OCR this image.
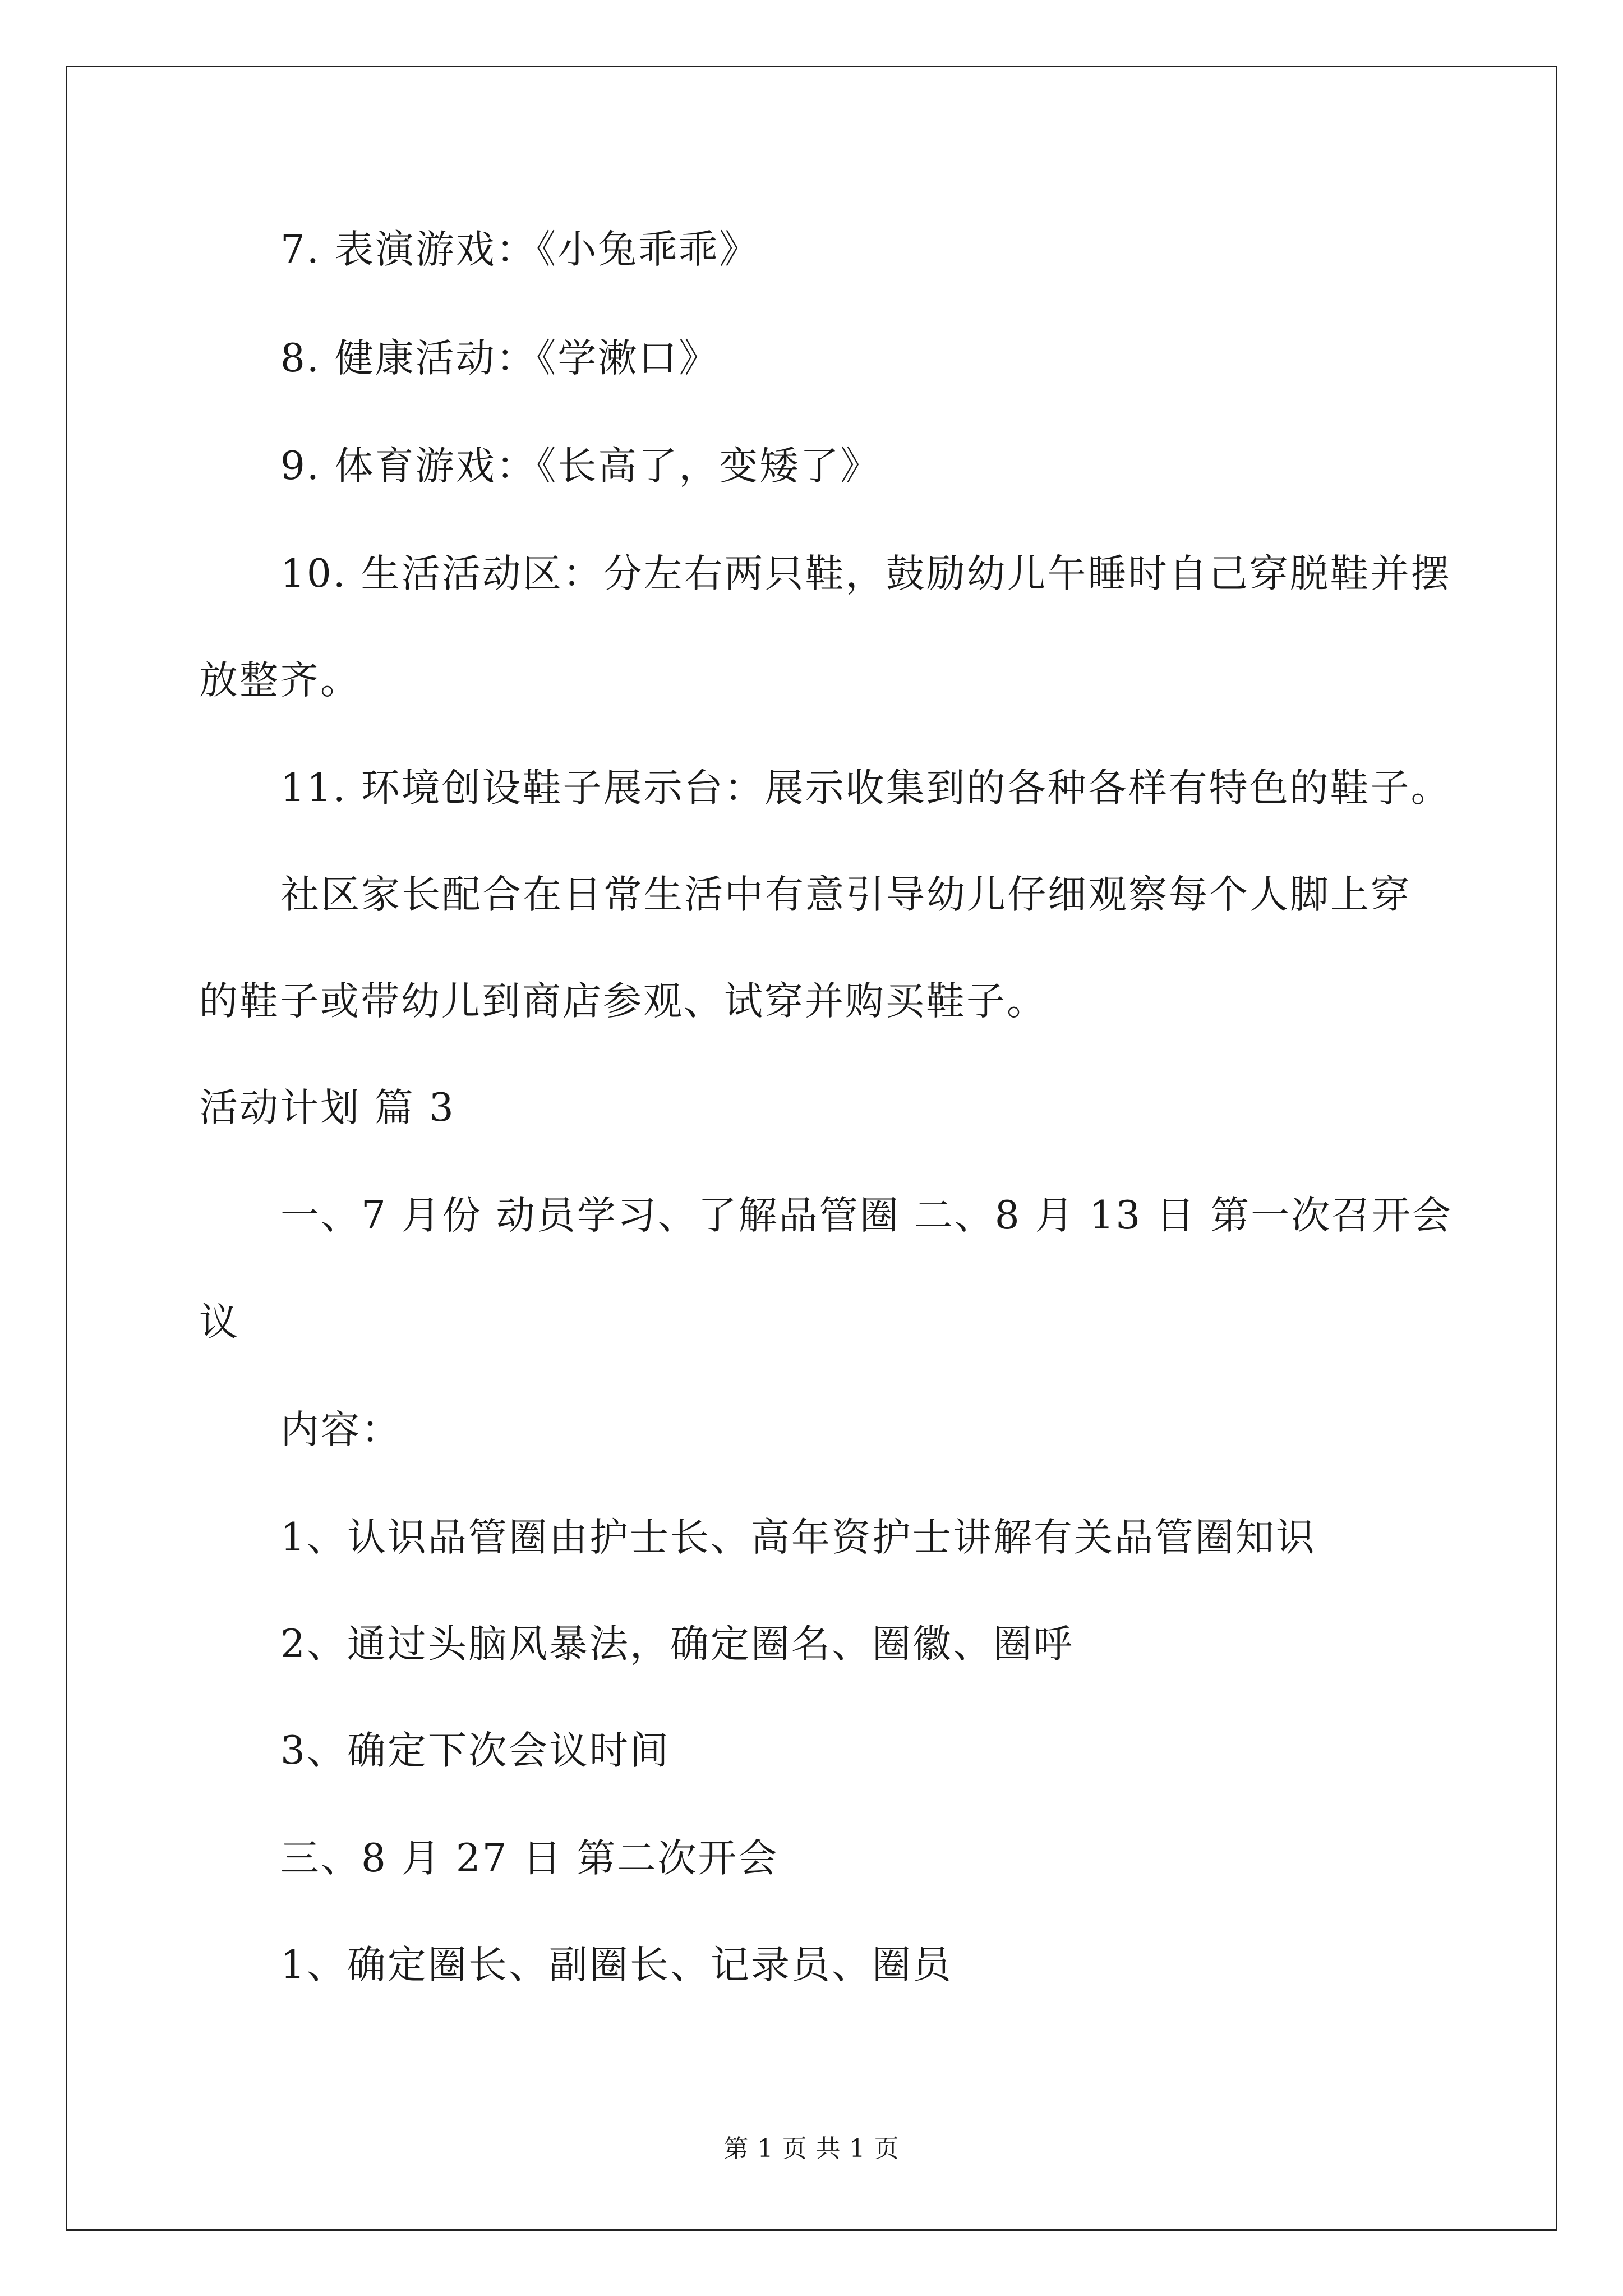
7. 表演游戏：《小兔乖乖》
8. 健康活动：《学漱口》
9. 体育游戏：《长高了，变矮了》
10. 生活活动区：分左右两只鞋，鼓励幼儿午睡时自己穿脱鞋并摆
放整齐。
11. 环境创设鞋子展示台：展示收集到的各种各样有特色的鞋子。
社区家长配合在日常生活中有意引导幼儿仔细观察每个人脚上穿
的鞋子或带幼儿到商店参观、试穿并购买鞋子。
活动计划 篇 3
一、7 月份 动员学习、了解品管圈 二、8 月 13 日 第一次召开会
议
内容：
1、认识品管圈由护士长、高年资护士讲解有关品管圈知识
2、通过头脑风暴法，确定圈名、圈徽、圈呼
3、确定下次会议时间
三、8 月 27 日 第二次开会
1、确定圈长、副圈长、记录员、圈员
第 1 页 共 1 页
